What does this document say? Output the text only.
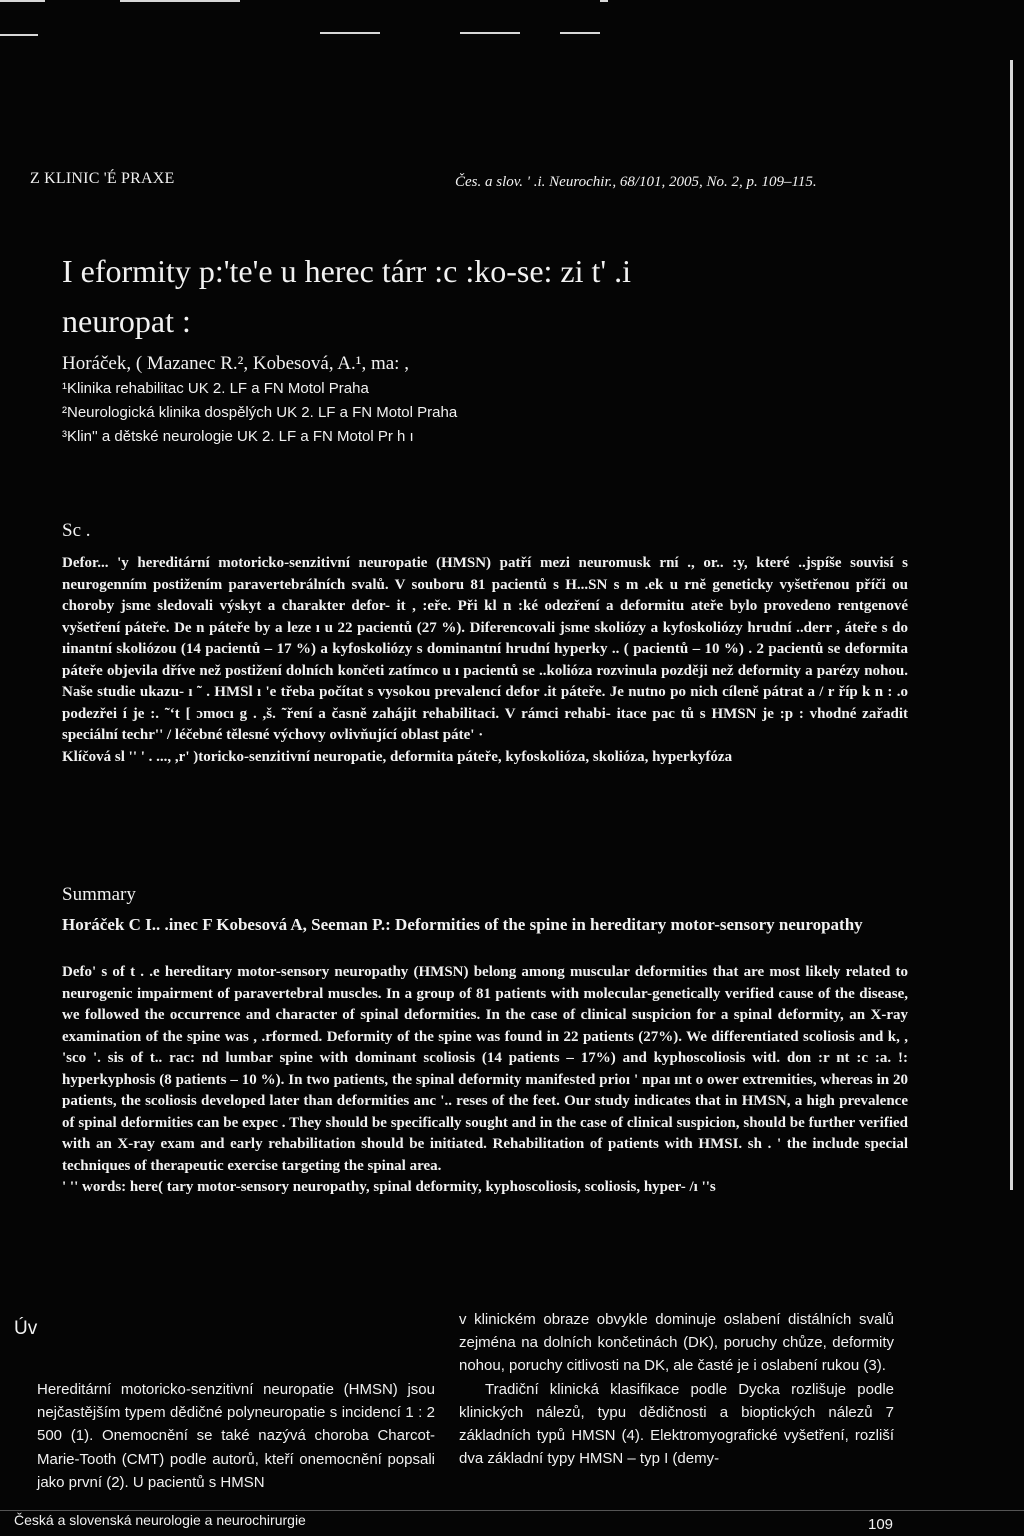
Z KLINIC 'É PRAXE	Čes. a slov. ' .i. Neurochir., 68/101, 2005, No. 2, p. 109–115.
I eformity p:'te'e u herec tárr :c :ko-se: zi t' .i
neuropat :
Horáček, ( Mazanec R.², Kobesová, A.¹, ma: ,
¹Klinika rehabilitac UK 2. LF a FN Motol Praha
²Neurologická klinika dospělých UK 2. LF a FN Motol Praha
³Klin'' a dětské neurologie UK 2. LF a FN Motol Pr h ı
Sc .

Defor... 'y hereditární motoricko-senzitivní neuropatie (HMSN) patří mezi neuromusk rní ., or.. :y, které ..jspíše souvisí s neurogenním postižením paravertebrálních svalů. V souboru 81 pacientů s H...SN s m .ek u rně geneticky vyšetřenou příči ou choroby jsme sledovali výskyt a charakter defor- it , :eře. Při kl n :ké odezření a deformitu ateře bylo provedeno rentgenové vyšetření páteře. De n páteře by a leze ı u 22 pacientů (27 %). Diferencovali jsme skoliózy a kyfoskoliózy hrudní ..derr , áteře s do ıinantní skoliózou (14 pacientů – 17 %) a kyfoskoliózy s dominantní hrudní hyperky .. ( pacientů – 10 %) . 2 pacientů se deformita páteře objevila dříve než postižení dolních končeti zatímco u ı pacientů se ..kolióza rozvinula později než deformity a parézy nohou. Naše studie ukazu- ı ˜ . HMSl ı 'e třeba počítat s vysokou prevalencí defor .it páteře. Je nutno po nich cíleně pátrat a / r říp k n : .o podezřei í je :. ˜‘t [ ɔmocı g . ,š. ˜ření a časně zahájit rehabilitaci. V rámci rehabi- itace pac tů s HMSN je :p : vhodné zařadit speciální techr'' / léčebné tělesné výchovy ovlivňující oblast páte' ·

Klíčová sl '' ' . ..., ,r' )toricko-senzitivní neuropatie, deformita páteře, kyfoskolióza, skolióza, hyperkyfóza

Summary
Horáček C I.. .inec F Kobesová A, Seeman P.: Deformities of the spine in hereditary motor-sensory neuropathy

Defo' s of t . .e hereditary motor-sensory neuropathy (HMSN) belong among muscular deformities that are most likely related to neurogenic impairment of paravertebral muscles. In a group of 81 patients with molecular-genetically verified cause of the disease, we followed the occurrence and character of spinal deformities. In the case of clinical suspicion for a spinal deformity, an X-ray examination of the spine was , .rformed. Deformity of the spine was found in 22 patients (27%). We differentiated scoliosis and k, , 'sco '. sis of t.. rac: nd lumbar spine with dominant scoliosis (14 patients – 17%) and kyphoscoliosis witl. don :r nt :c :a. !: hyperkyphosis (8 patients – 10 %). In two patients, the spinal deformity manifested prioı ' npaı ınt o ower extremities, whereas in 20 patients, the scoliosis developed later than deformities anc '.. reses of the feet. Our study indicates that in HMSN, a high prevalence of spinal deformities can be expec . They should be specifically sought and in the case of clinical suspicion, should be further verified with an X-ray exam and early rehabilitation should be initiated. Rehabilitation of patients with HMSI. sh . ' the include special techniques of therapeutic exercise targeting the spinal area.

' '' words: here( tary motor-sensory neuropathy, spinal deformity, kyphoscoliosis, scoliosis, hyper- /ı ''s

Úv

Hereditární motoricko-senzitivní neuropatie (HMSN) jsou nejčastějším typem dědičné polyneuropatie s incidencí 1 : 2 500 (1). Onemocnění se také nazývá choroba Charcot-Marie-Tooth (CMT) podle autorů, kteří onemocnění popsali jako první (2). U pacientů s HMSN

v klinickém obraze obvykle dominuje oslabení distálních svalů zejména na dolních končetinách (DK), poruchy chůze, deformity nohou, poruchy citlivosti na DK, ale časté je i oslabení rukou (3).

Tradiční klinická klasifikace podle Dycka rozlišuje podle klinických nálezů, typu dědičnosti a bioptických nálezů 7 základních typů HMSN (4). Elektromyografické vyšetření, rozliší dva základní typy HMSN – typ I (demy-

Česká a slovenská neurologie a neurochirurgie	109
